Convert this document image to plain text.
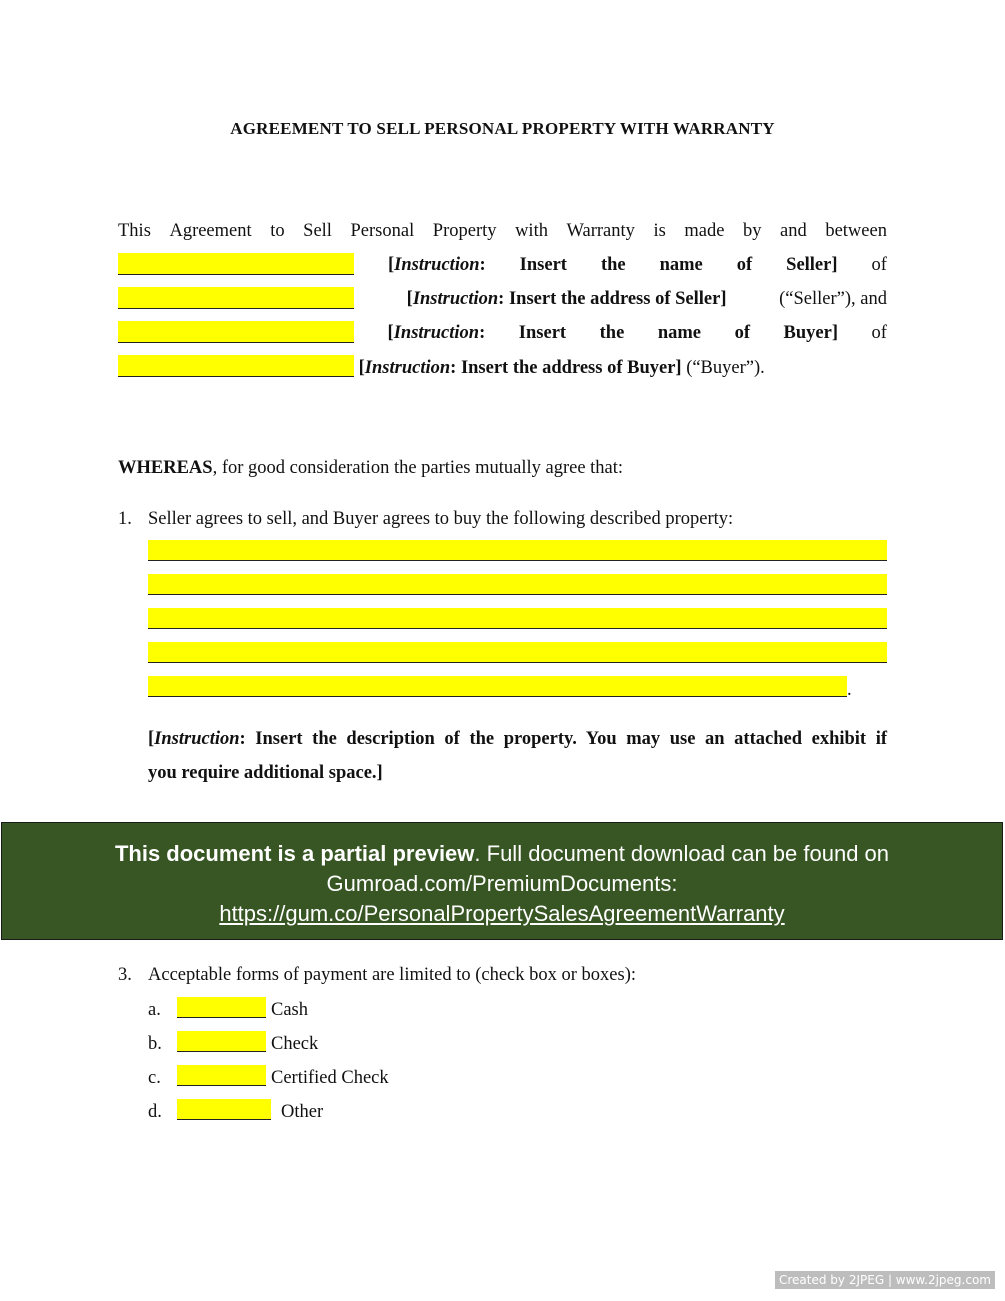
AGREEMENT TO SELL PERSONAL PROPERTY WITH WARRANTY
This Agreement to Sell Personal Property with Warranty is made by and between
[Instruction: Insert the name of Seller] of
[Instruction: Insert the address of Seller]	(“Seller”), and
[Instruction: Insert the name of Buyer] of
[Instruction: Insert the address of Buyer] (“Buyer”).
WHEREAS, for good consideration the parties mutually agree that:
1. Seller agrees to sell, and Buyer agrees to buy the following described property:
.
[Instruction: Insert the description of the property. You may use an attached exhibit if
you require additional space.]
This document is a partial preview. Full document download can be found on
Gumroad.com/PremiumDocuments:
https://gum.co/PersonalPropertySalesAgreementWarranty
3. Acceptable forms of payment are limited to (check box or boxes):
a.	Cash
b.	Check
c.	Certified Check
d.	Other
Created by 2JPEG | www.2jpeg.com
